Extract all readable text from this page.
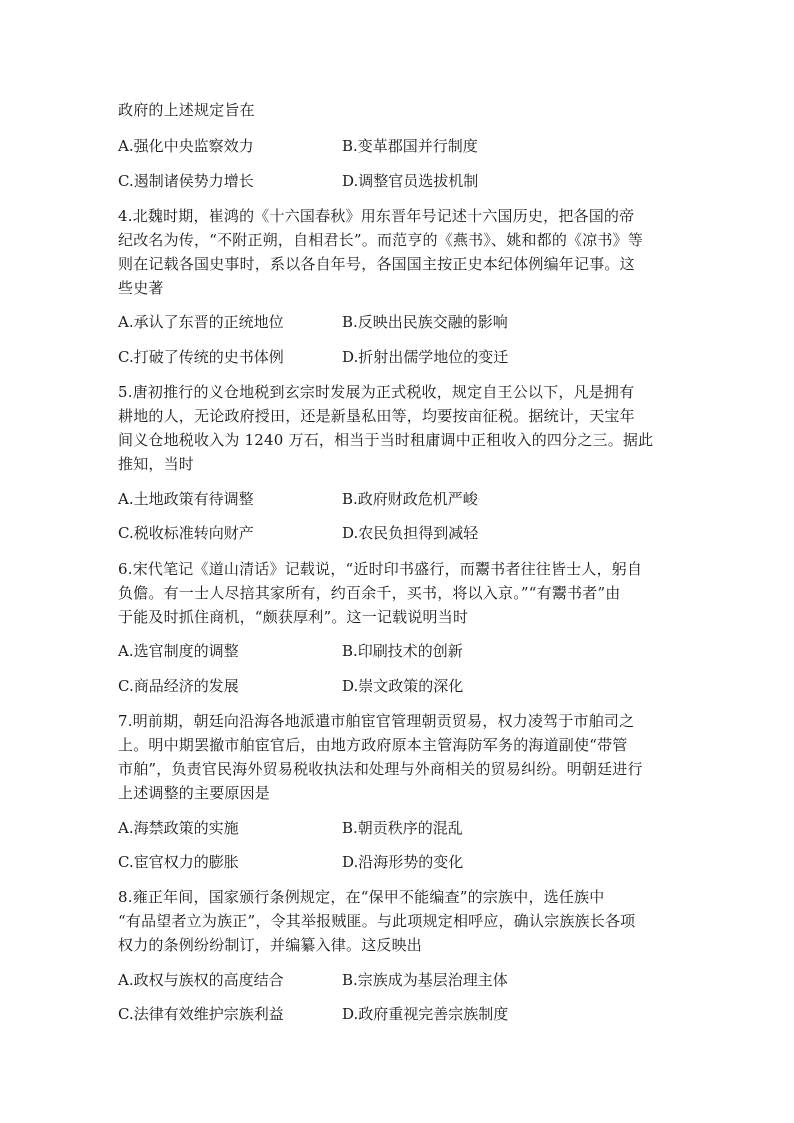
政府的上述规定旨在
A.强化中央监察效力	B.变革郡国并行制度
C.遏制诸侯势力增长	D.调整官员选拔机制
4.北魏时期，崔鸿的《十六国春秋》用东晋年号记述十六国历史，把各国的帝
纪改名为传，“不附正朔，自相君长”。而范亨的《燕书》、姚和都的《凉书》等
则在记载各国史事时，系以各自年号，各国国主按正史本纪体例编年记事。这
些史著
A.承认了东晋的正统地位	B.反映出民族交融的影响
C.打破了传统的史书体例	D.折射出儒学地位的变迁
5.唐初推行的义仓地税到玄宗时发展为正式税收，规定自王公以下，凡是拥有
耕地的人，无论政府授田，还是新垦私田等，均要按亩征税。据统计，天宝年
间义仓地税收入为 1240 万石，相当于当时租庸调中正租收入的四分之三。据此
推知，当时
A.土地政策有待调整	B.政府财政危机严峻
C.税收标准转向财产	D.农民负担得到减轻
6.宋代笔记《道山清话》记载说，“近时印书盛行，而鬻书者往往皆士人，躬自
负儋。有一士人尽掊其家所有，约百余千，买书，将以入京。”“有鬻书者”由
于能及时抓住商机，“颇获厚利”。这一记载说明当时
A.选官制度的调整	B.印刷技术的创新
C.商品经济的发展	D.崇文政策的深化
7.明前期，朝廷向沿海各地派遣市舶宦官管理朝贡贸易，权力凌驾于市舶司之
上。明中期罢撤市舶宦官后，由地方政府原本主管海防军务的海道副使“带管
市舶”，负责官民海外贸易税收执法和处理与外商相关的贸易纠纷。明朝廷进行
上述调整的主要原因是
A.海禁政策的实施	B.朝贡秩序的混乱
C.宦官权力的膨胀	D.沿海形势的变化
8.雍正年间，国家颁行条例规定，在“保甲不能编查”的宗族中，选任族中
“有品望者立为族正”，令其举报贼匪。与此项规定相呼应，确认宗族族长各项
权力的条例纷纷制订，并编纂入律。这反映出
A.政权与族权的高度结合	B.宗族成为基层治理主体
C.法律有效维护宗族利益	D.政府重视完善宗族制度
